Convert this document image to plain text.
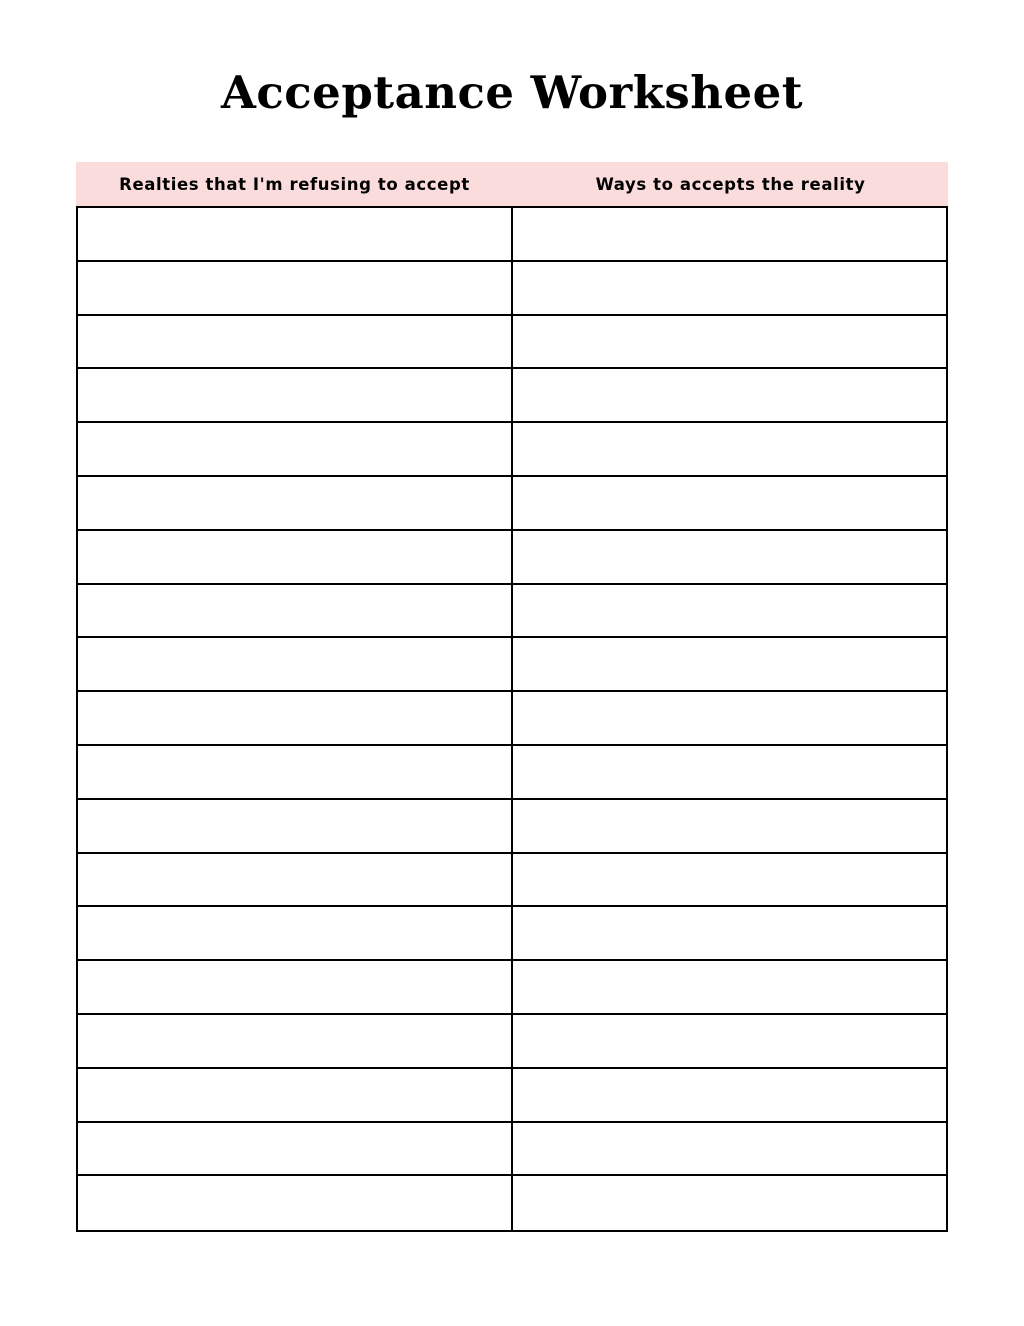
Acceptance Worksheet
Realties that I'm refusing to accept	Ways to accepts the reality
